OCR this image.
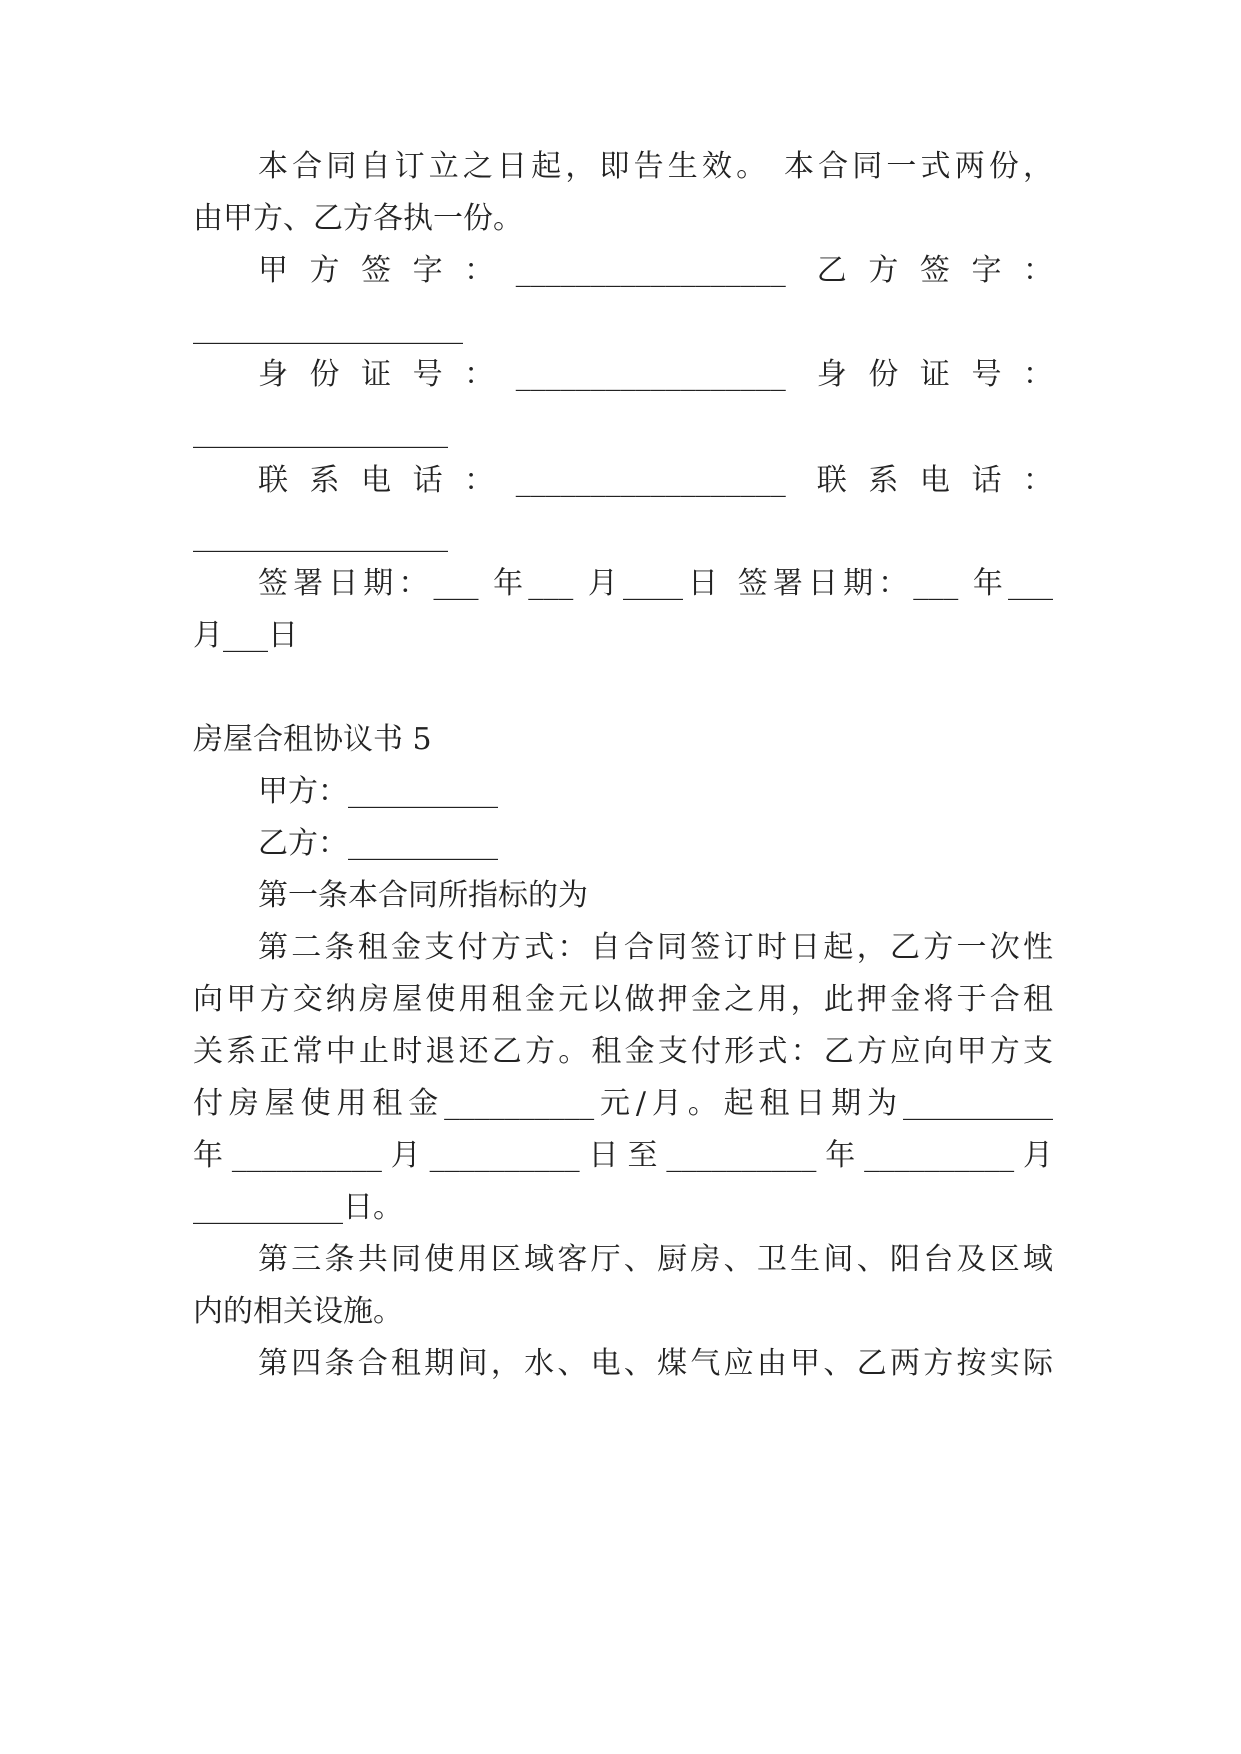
本合同自订立之日起，即告生效。 本合同一式两份，
由甲方、乙方各执一份。
甲 方 签 字 ： __________________  乙 方 签 字 ：
__________________
身 份 证 号 ： __________________  身 份 证 号 ：
_________________
联 系 电 话 ： __________________  联 系 电 话 ：
_________________
签署日期：___ 年___ 月____日 签署日期：___ 年___
月___日
房屋合租协议书 5
甲方：__________
乙方：__________
第一条本合同所指标的为
第二条租金支付方式：自合同签订时日起，乙方一次性
向甲方交纳房屋使用租金元以做押金之用，此押金将于合租
关系正常中止时退还乙方。租金支付形式：乙方应向甲方支
付房屋使用租金__________元/月。起租日期为__________
年__________月__________日至__________年__________月
__________日。
第三条共同使用区域客厅、厨房、卫生间、阳台及区域
内的相关设施。
第四条合租期间，水、电、煤气应由甲、乙两方按实际
